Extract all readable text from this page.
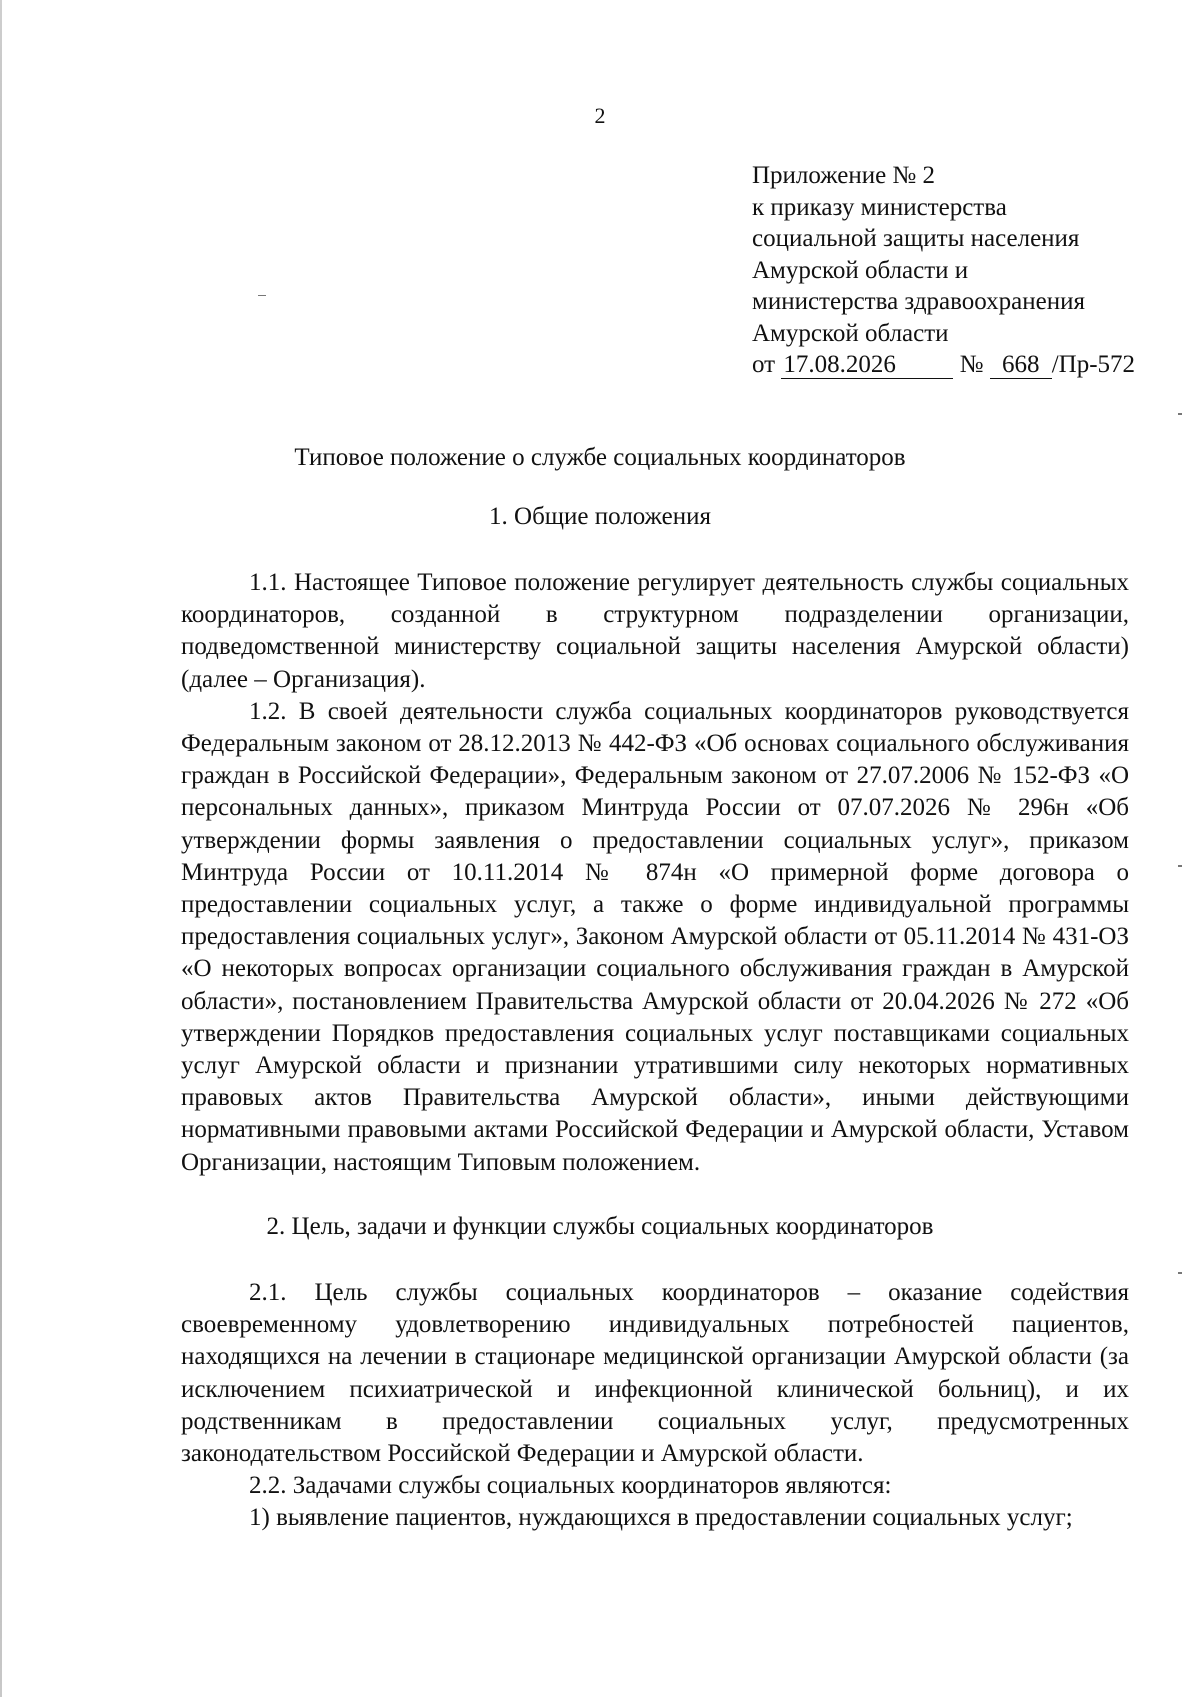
2
Приложение № 2
к приказу министерства
социальной защиты населения
Амурской области и
министерства здравоохранения
Амурской области
от 17.08.2026	№ 668 /Пр-572
Типовое положение о службе социальных координаторов
1. Общие положения

1.1. Настоящее Типовое положение регулирует деятельность службы социальных координаторов, созданной в структурном подразделении организации, подведомственной министерству социальной защиты населения Амурской области) (далее – Организация).

1.2. В своей деятельности служба социальных координаторов руководствуется Федеральным законом от 28.12.2013 № 442-ФЗ «Об основах социального обслуживания граждан в Российской Федерации», Федеральным законом от 27.07.2006 № 152-ФЗ «О персональных данных», приказом Минтруда России от 07.07.2026 № 296н «Об утверждении формы заявления о предоставлении социальных услуг», приказом Минтруда России от 10.11.2014 № 874н «О примерной форме договора о предоставлении социальных услуг, а также о форме индивидуальной программы предоставления социальных услуг», Законом Амурской области от 05.11.2014 № 431-ОЗ «О некоторых вопросах организации социального обслуживания граждан в Амурской области», постановлением Правительства Амурской области от 20.04.2026 № 272 «Об утверждении Порядков предоставления социальных услуг поставщиками социальных услуг Амурской области и признании утратившими силу некоторых нормативных правовых актов Правительства Амурской области», иными действующими нормативными правовыми актами Российской Федерации и Амурской области, Уставом Организации, настоящим Типовым положением.

2. Цель, задачи и функции службы социальных координаторов

2.1. Цель службы социальных координаторов – оказание содействия своевременному удовлетворению индивидуальных потребностей пациентов, находящихся на лечении в стационаре медицинской организации Амурской области (за исключением психиатрической и инфекционной клинической больниц), и их родственникам в предоставлении социальных услуг, предусмотренных законодательством Российской Федерации и Амурской области.

2.2. Задачами службы социальных координаторов являются:

1) выявление пациентов, нуждающихся в предоставлении социальных услуг;
